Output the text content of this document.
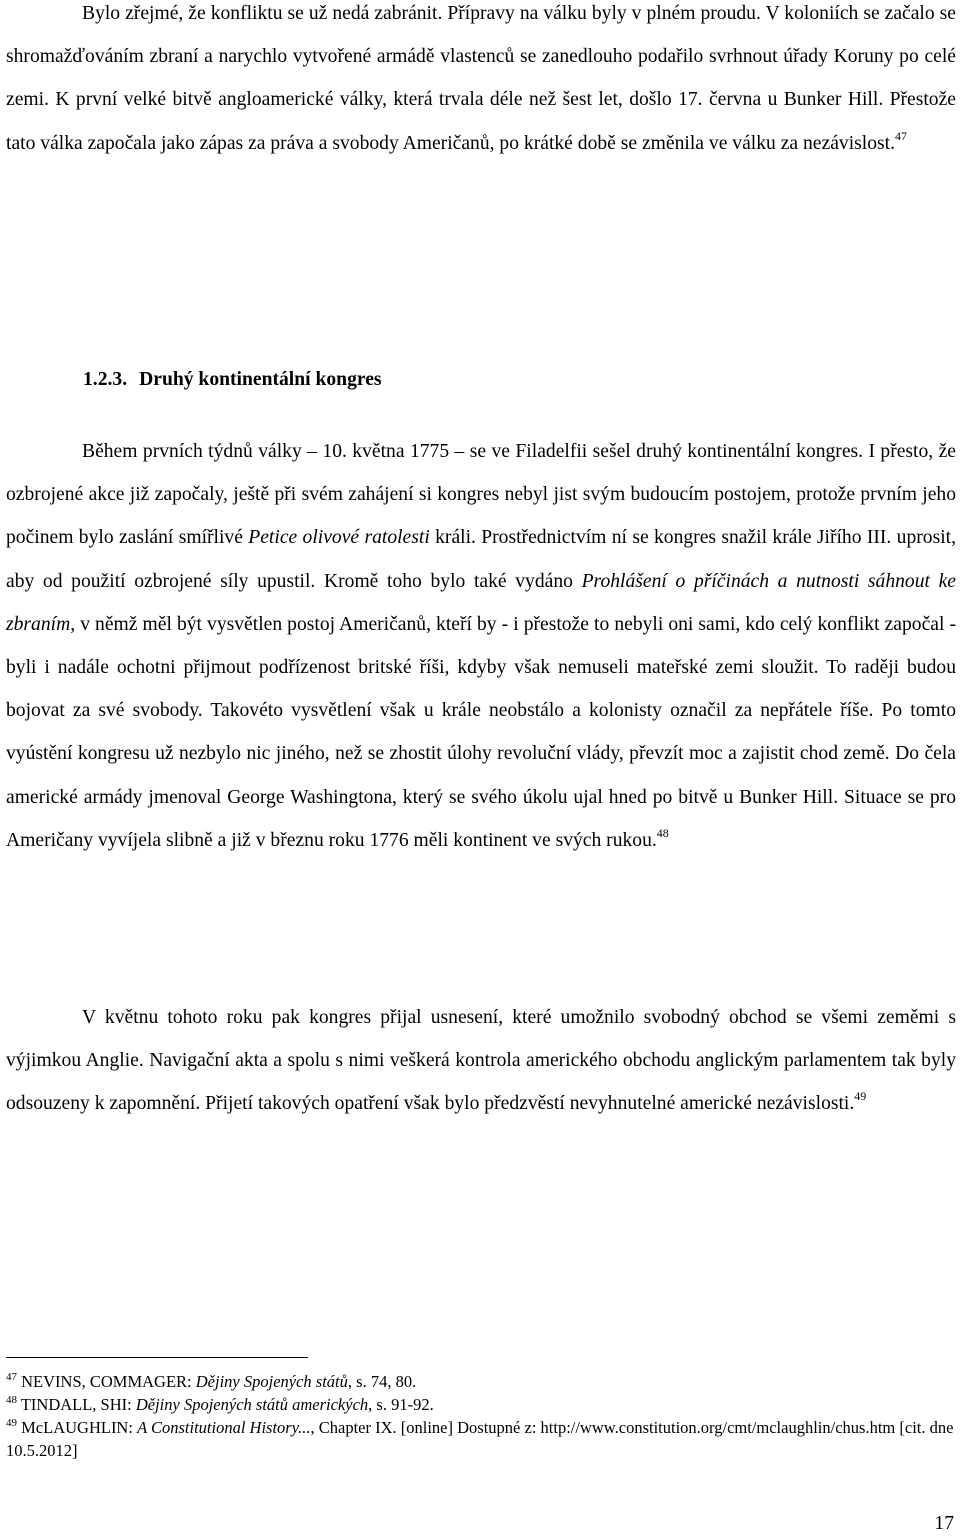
Bylo zřejmé, že konfliktu se už nedá zabránit. Přípravy na válku byly v plném proudu. V koloniích se začalo se shromažďováním zbraní a narychlo vytvořené armádě vlastenců se zanedlouho podařilo svrhnout úřady Koruny po celé zemi. K první velké bitvě angloamerické války, která trvala déle než šest let, došlo 17. června u Bunker Hill. Přestože tato válka započala jako zápas za práva a svobody Američanů, po krátké době se změnila ve válku za nezávislost.$^{47}$

1.2.3. Druhý kontinentální kongres

Během prvních týdnů války – 10. května 1775 – se ve Filadelfii sešel druhý kontinentální kongres. I přesto, že ozbrojené akce již započaly, ještě při svém zahájení si kongres nebyl jist svým budoucím postojem, protože prvním jeho počinem bylo zaslání smířlivé Petice olivové ratolesti králi. Prostřednictvím ní se kongres snažil krále Jiřího III. uprosit, aby od použití ozbrojené síly upustil. Kromě toho bylo také vydáno Prohlášení o příčinách a nutnosti sáhnout ke zbraním, v němž měl být vysvětlen postoj Američanů, kteří by - i přestože to nebyli oni sami, kdo celý konflikt započal - byli i nadále ochotni přijmout podřízenost britské říši, kdyby však nemuseli mateřské zemi sloužit. To raději budou bojovat za své svobody. Takovéto vysvětlení však u krále neobstálo a kolonisty označil za nepřátele říše. Po tomto vyústění kongresu už nezbylo nic jiného, než se zhostit úlohy revoluční vlády, převzít moc a zajistit chod země. Do čela americké armády jmenoval George Washingtona, který se svého úkolu ujal hned po bitvě u Bunker Hill. Situace se pro Američany vyvíjela slibně a již v březnu roku 1776 měli kontinent ve svých rukou.$^{48}$

V květnu tohoto roku pak kongres přijal usnesení, které umožnilo svobodný obchod se všemi zeměmi s výjimkou Anglie. Navigační akta a spolu s nimi veškerá kontrola amerického obchodu anglickým parlamentem tak byly odsouzeny k zapomnění. Přijetí takových opatření však bylo předzvěstí nevyhnutelné americké nezávislosti.$^{49}$

$^{47}$ NEVINS, COMMAGER: Dějiny Spojených států, s. 74, 80.

$^{48}$ TINDALL, SHI: Dějiny Spojených států amerických, s. 91-92.

$^{49}$ McLAUGHLIN: A Constitutional History..., Chapter IX. [online] Dostupné z: http://www.constitution.org/cmt/mclaughlin/chus.htm [cit. dne 10.5.2012]

17
